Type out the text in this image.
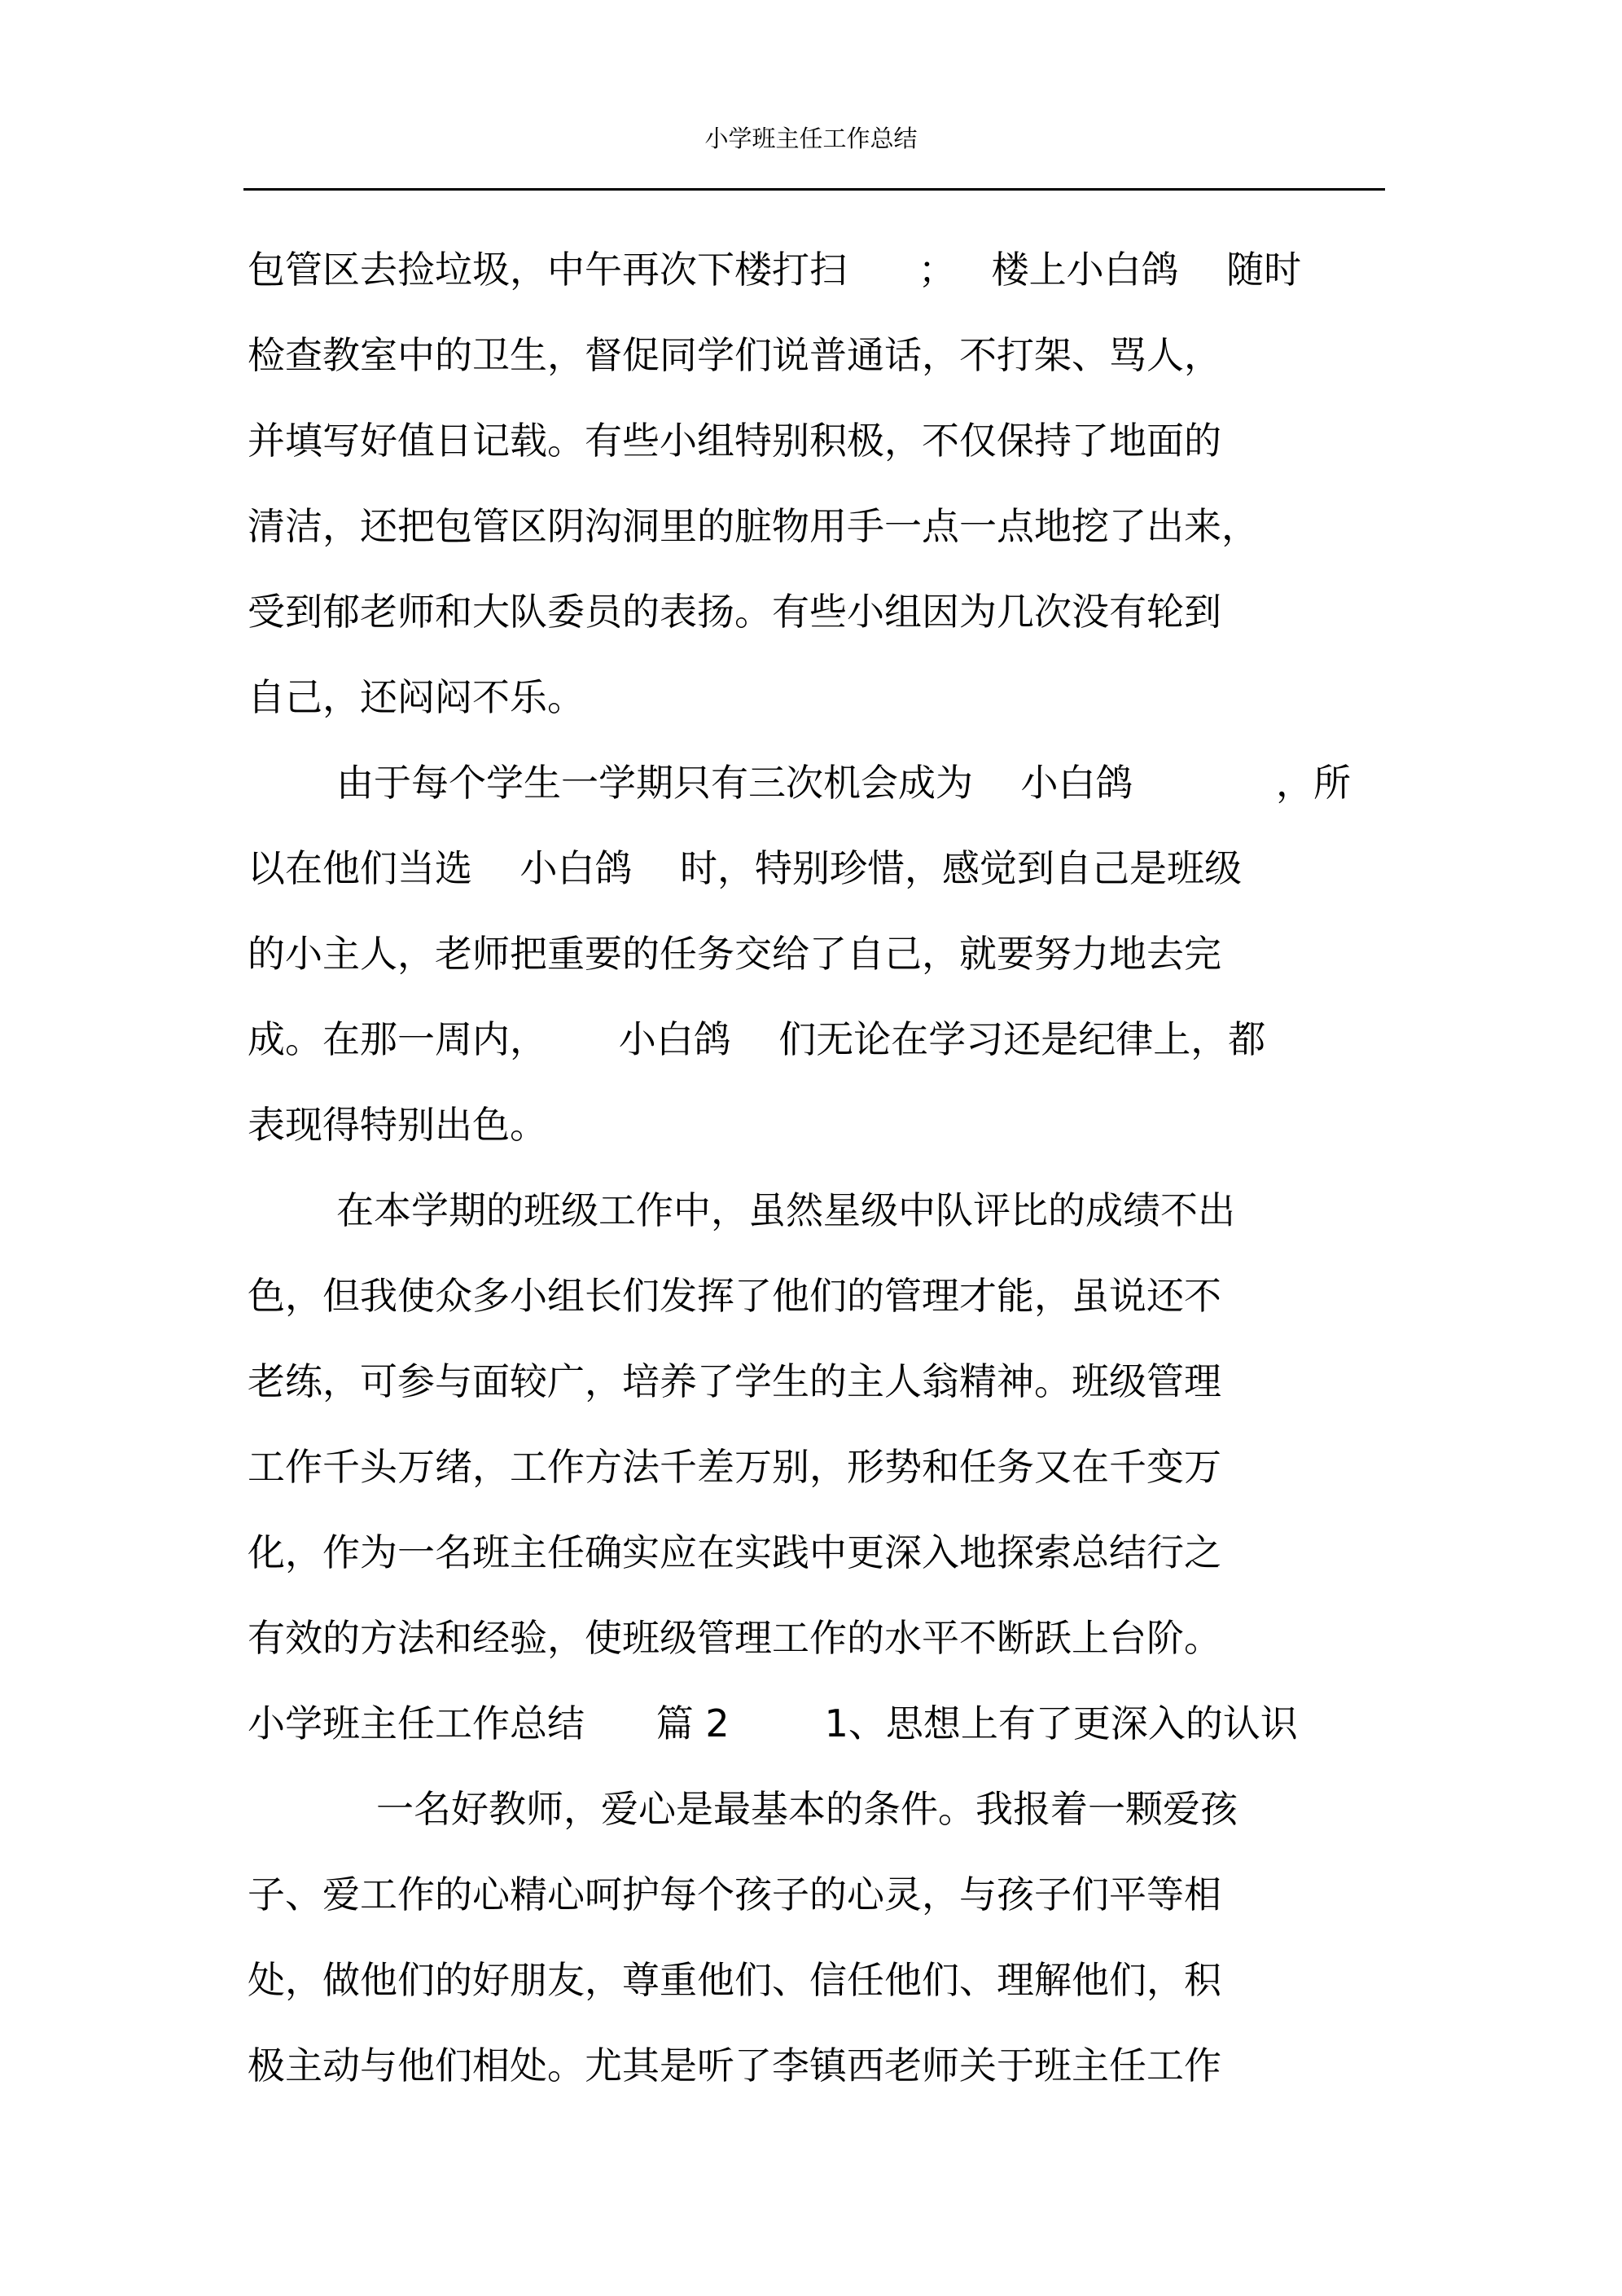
小学班主任工作总结
包管区去捡垃圾，中午再次下楼打扫      ；   楼上小白鸽    随时
检查教室中的卫生，督促同学们说普通话，不打架、骂人，
并填写好值日记载。有些小组特别积极，不仅保持了地面的
清洁，还把包管区阴沟洞里的脏物用手一点一点地挖了出来，
受到郁老师和大队委员的表扬。有些小组因为几次没有轮到
自己，还闷闷不乐。
由于每个学生一学期只有三次机会成为    小白鸽            ，所
以在他们当选    小白鸽    时，特别珍惜，感觉到自己是班级
的小主人，老师把重要的任务交给了自己，就要努力地去完
成。在那一周内，      小白鸽    们无论在学习还是纪律上，都
表现得特别出色。
在本学期的班级工作中，虽然星级中队评比的成绩不出
色，但我使众多小组长们发挥了他们的管理才能，虽说还不
老练，可参与面较广，培养了学生的主人翁精神。班级管理
工作千头万绪，工作方法千差万别，形势和任务又在千变万
化，作为一名班主任确实应在实践中更深入地探索总结行之
有效的方法和经验，使班级管理工作的水平不断跃上台阶。
小学班主任工作总结      篇 2        1、思想上有了更深入的认识
一名好教师，爱心是最基本的条件。我报着一颗爱孩
子、爱工作的心精心呵护每个孩子的心灵，与孩子们平等相
处，做他们的好朋友，尊重他们、信任他们、理解他们，积
极主动与他们相处。尤其是听了李镇西老师关于班主任工作
